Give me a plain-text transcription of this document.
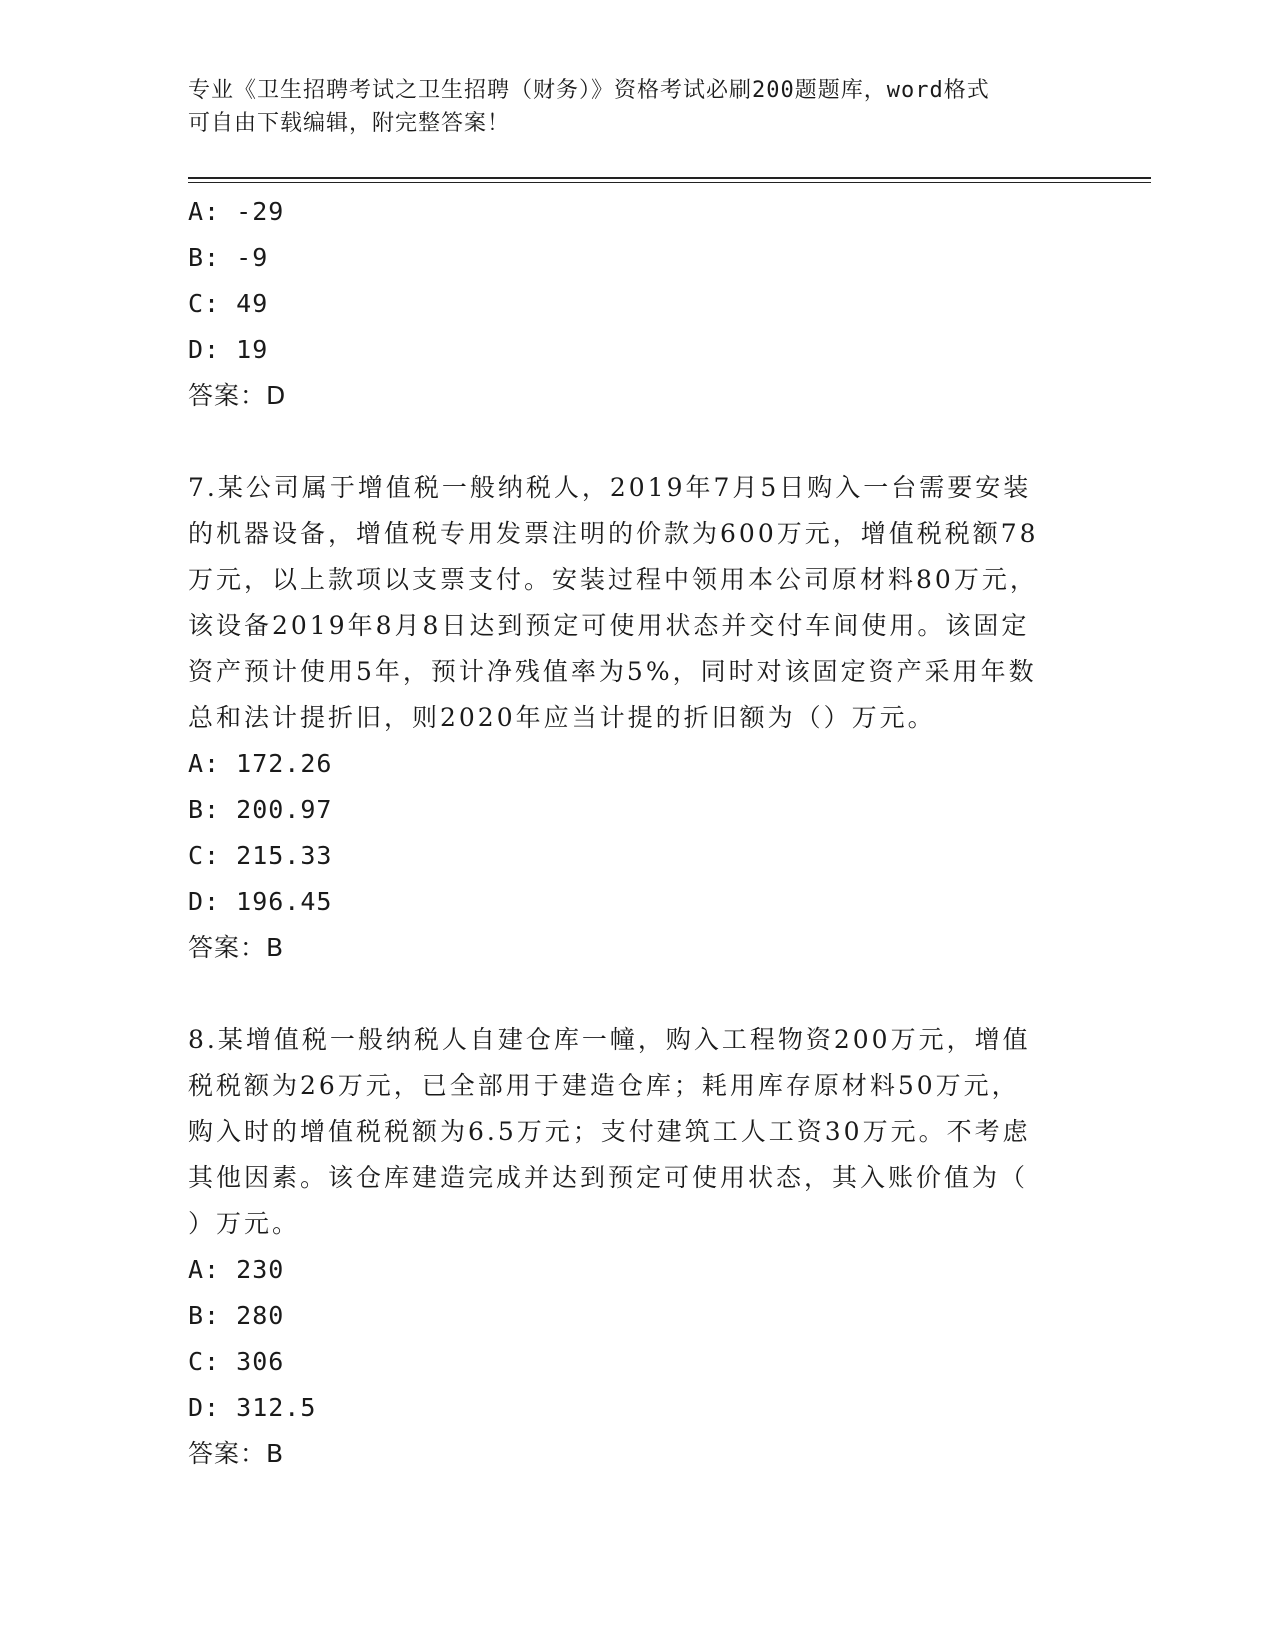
专业《卫生招聘考试之卫生招聘（财务）》资格考试必刷200题题库，word格式
可自由下载编辑，附完整答案！
A: -29
B: -9
C: 49
D: 19
答案：D
7.某公司属于增值税一般纳税人，2019年7月5日购入一台需要安装
的机器设备，增值税专用发票注明的价款为600万元，增值税税额78
万元，以上款项以支票支付。安装过程中领用本公司原材料80万元，
该设备2019年8月8日达到预定可使用状态并交付车间使用。该固定
资产预计使用5年，预计净残值率为5%，同时对该固定资产采用年数
总和法计提折旧，则2020年应当计提的折旧额为（）万元。
A: 172.26
B: 200.97
C: 215.33
D: 196.45
答案：B
8.某增值税一般纳税人自建仓库一幢，购入工程物资200万元，增值
税税额为26万元，已全部用于建造仓库；耗用库存原材料50万元，
购入时的增值税税额为6.5万元；支付建筑工人工资30万元。不考虑
其他因素。该仓库建造完成并达到预定可使用状态，其入账价值为（
）万元。
A: 230
B: 280
C: 306
D: 312.5
答案：B
